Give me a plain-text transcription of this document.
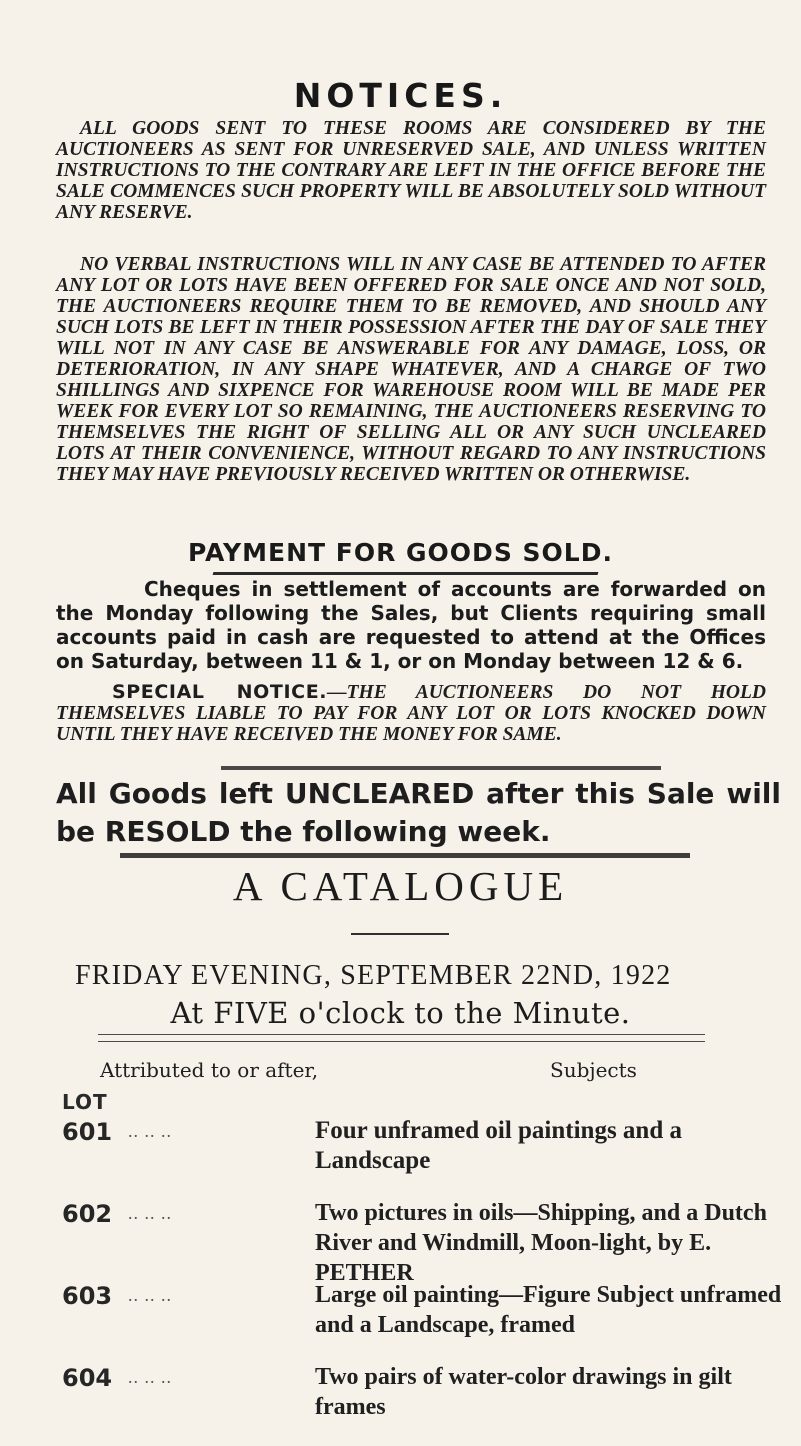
NOTICES.
ALL GOODS SENT TO THESE ROOMS ARE CONSIDERED BY THE AUCTIONEERS AS SENT FOR UNRESERVED SALE, AND UNLESS WRITTEN INSTRUCTIONS TO THE CONTRARY ARE LEFT IN THE OFFICE BEFORE THE SALE COMMENCES SUCH PROPERTY WILL BE ABSOLUTELY SOLD WITHOUT ANY RESERVE.
NO VERBAL INSTRUCTIONS WILL IN ANY CASE BE ATTENDED TO AFTER ANY LOT OR LOTS HAVE BEEN OFFERED FOR SALE ONCE AND NOT SOLD, THE AUCTIONEERS REQUIRE THEM TO BE REMOVED, AND SHOULD ANY SUCH LOTS BE LEFT IN THEIR POSSESSION AFTER THE DAY OF SALE THEY WILL NOT IN ANY CASE BE ANSWERABLE FOR ANY DAMAGE, LOSS, OR DETERIORATION, IN ANY SHAPE WHATEVER, AND A CHARGE OF TWO SHILLINGS AND SIXPENCE FOR WAREHOUSE ROOM WILL BE MADE PER WEEK FOR EVERY LOT SO REMAINING, THE AUCTIONEERS RESERVING TO THEMSELVES THE RIGHT OF SELLING ALL OR ANY SUCH UNCLEARED LOTS AT THEIR CONVENIENCE, WITHOUT REGARD TO ANY INSTRUCTIONS THEY MAY HAVE PREVIOUSLY RECEIVED WRITTEN OR OTHERWISE.
PAYMENT FOR GOODS SOLD.
Cheques in settlement of accounts are forwarded on the Monday following the Sales, but Clients requiring small accounts paid in cash are requested to attend at the Offices on Saturday, between 11 & 1, or on Monday between 12 & 6.
SPECIAL NOTICE.—THE AUCTIONEERS DO NOT HOLD THEMSELVES LIABLE TO PAY FOR ANY LOT OR LOTS KNOCKED DOWN UNTIL THEY HAVE RECEIVED THE MONEY FOR SAME.
All Goods left UNCLEARED after this Sale will be RESOLD the following week.
A CATALOGUE
FRIDAY EVENING, SEPTEMBER 22ND, 1922
At FIVE o'clock to the Minute.
Attributed to or after,	Subjects
LOT
601 .. .. ..	Four unframed oil paintings and a Landscape
602 .. .. ..	Two pictures in oils—Shipping, and a Dutch River and Windmill, Moon-light, by E. PETHER
603 .. .. ..	Large oil painting—Figure Subject unframed and a Landscape, framed
604 .. .. ..	Two pairs of water-color drawings in gilt frames
